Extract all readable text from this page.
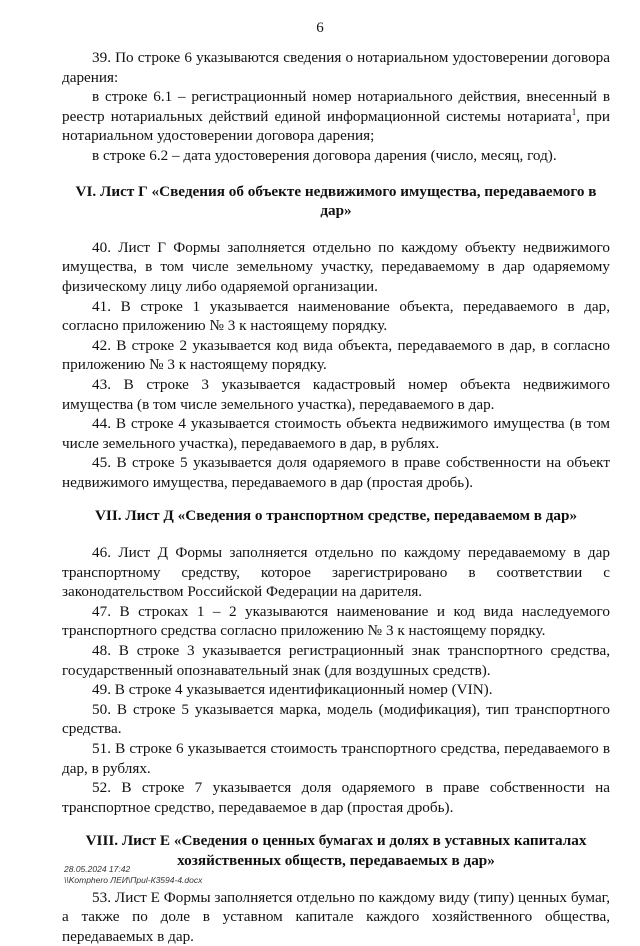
6

39. По строке 6 указываются сведения о нотариальном удостоверении договора дарения:

в строке 6.1 – регистрационный номер нотариального действия, внесенный в реестр нотариальных действий единой информационной системы нотариата$^1$, при нотариальном удостоверении договора дарения;

в строке 6.2 – дата удостоверения договора дарения (число, месяц, год).

VI. Лист Г «Сведения об объекте недвижимого имущества, передаваемого в дар»

40. Лист Г Формы заполняется отдельно по каждому объекту недвижимого имущества, в том числе земельному участку, передаваемому в дар одаряемому физическому лицу либо одаряемой организации.

41. В строке 1 указывается наименование объекта, передаваемого в дар, согласно приложению № 3 к настоящему порядку.

42. В строке 2 указывается код вида объекта, передаваемого в дар, в согласно приложению № 3 к настоящему порядку.

43. В строке 3 указывается кадастровый номер объекта недвижимого имущества (в том числе земельного участка), передаваемого в дар.

44. В строке 4 указывается стоимость объекта недвижимого имущества (в том числе земельного участка), передаваемого в дар, в рублях.

45. В строке 5 указывается доля одаряемого в праве собственности на объект недвижимого имущества, передаваемого в дар (простая дробь).

VII. Лист Д «Сведения о транспортном средстве, передаваемом в дар»

46. Лист Д Формы заполняется отдельно по каждому передаваемому в дар транспортному средству, которое зарегистрировано в соответствии с законодательством Российской Федерации на дарителя.

47. В строках 1 – 2 указываются наименование и код вида наследуемого транспортного средства согласно приложению № 3 к настоящему порядку.

48. В строке 3 указывается регистрационный знак транспортного средства, государственный опознавательный знак (для воздушных средств).

49. В строке 4 указывается идентификационный номер (VIN).

50. В строке 5 указывается марка, модель (модификация), тип транспортного средства.

51. В строке 6 указывается стоимость транспортного средства, передаваемого в дар, в рублях.

52. В строке 7 указывается доля одаряемого в праве собственности на транспортное средство, передаваемое в дар (простая дробь).

VIII. Лист Е «Сведения о ценных бумагах и долях в уставных капиталах хозяйственных обществ, передаваемых в дар»

53. Лист Е Формы заполняется отдельно по каждому виду (типу) ценных бумаг, а также по доле в уставном капитале каждого хозяйственного общества, передаваемых в дар.

28.05.2024 17:42
\\Komphero ЛЕИ\Приl-К3594-4.docx
